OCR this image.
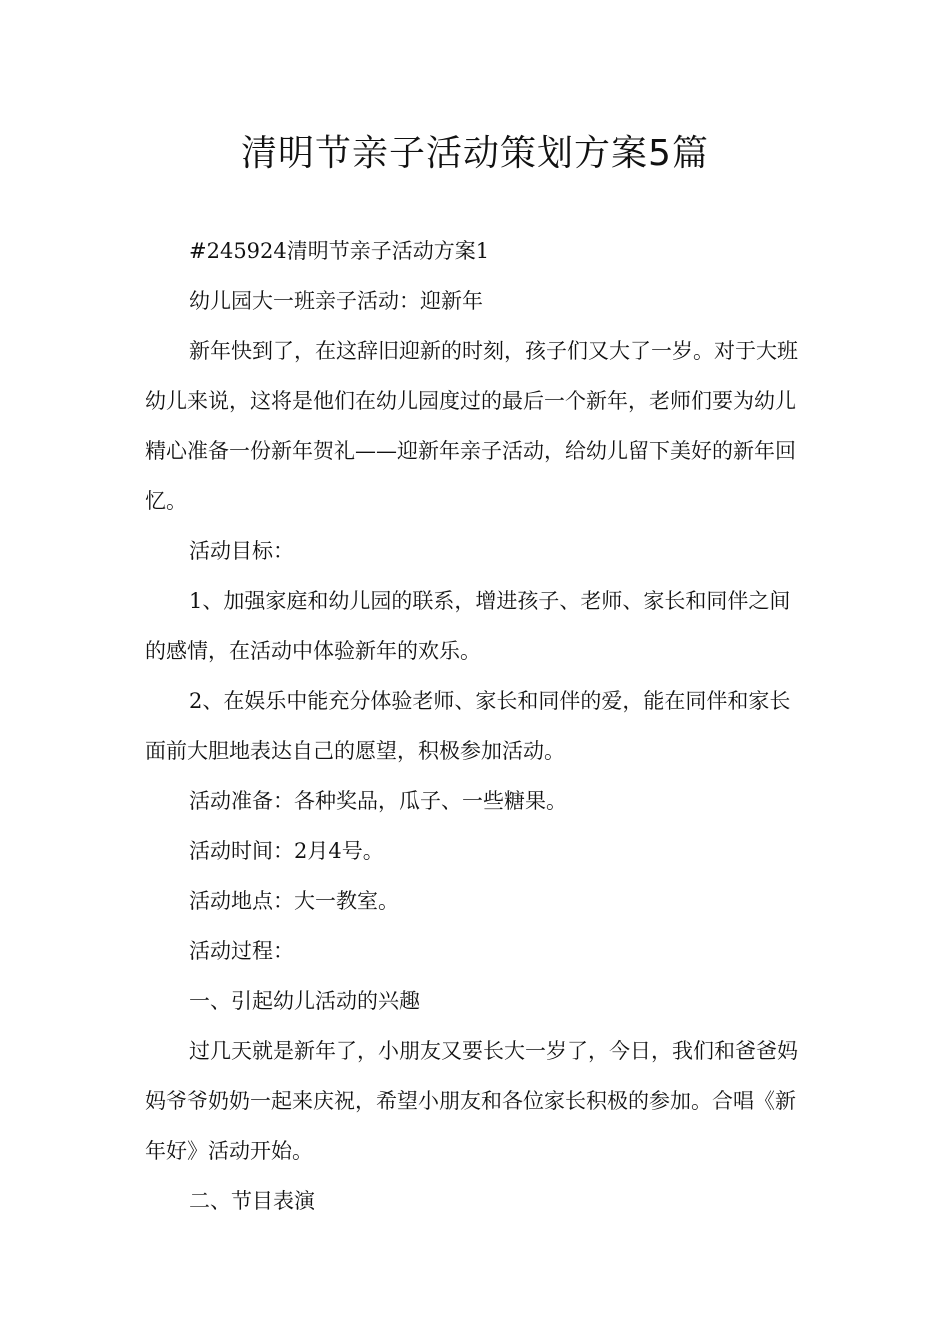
清明节亲子活动策划方案5篇

#245924清明节亲子活动方案1

幼儿园大一班亲子活动：迎新年

新年快到了，在这辞旧迎新的时刻，孩子们又大了一岁。对于大班幼儿来说，这将是他们在幼儿园度过的最后一个新年，老师们要为幼儿精心准备一份新年贺礼——迎新年亲子活动，给幼儿留下美好的新年回忆。

活动目标：

1、加强家庭和幼儿园的联系，增进孩子、老师、家长和同伴之间的感情，在活动中体验新年的欢乐。

2、在娱乐中能充分体验老师、家长和同伴的爱，能在同伴和家长面前大胆地表达自己的愿望，积极参加活动。

活动准备：各种奖品，瓜子、一些糖果。

活动时间：2月4号。

活动地点：大一教室。

活动过程：

一、引起幼儿活动的兴趣

过几天就是新年了，小朋友又要长大一岁了，今日，我们和爸爸妈妈爷爷奶奶一起来庆祝，希望小朋友和各位家长积极的参加。合唱《新年好》活动开始。

二、节目表演
